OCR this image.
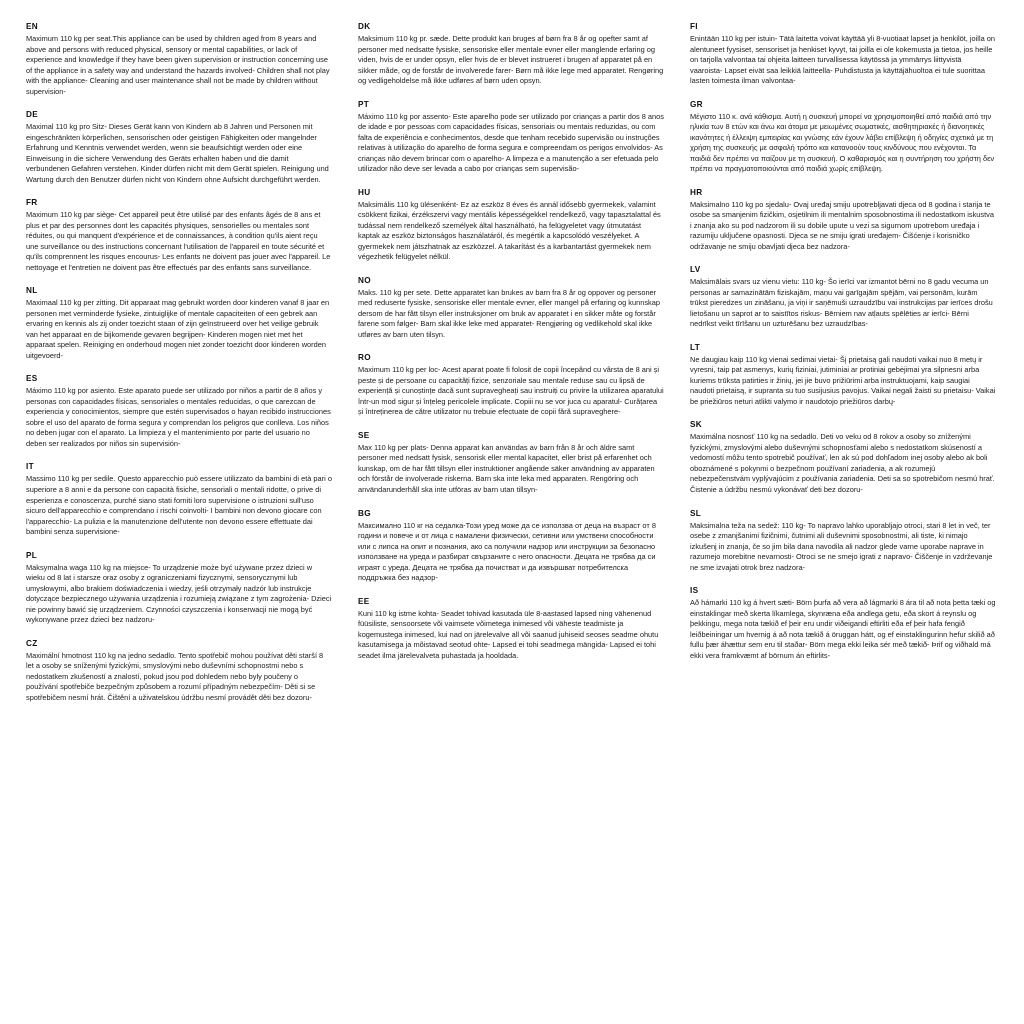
EN
Maximum 110 kg per seat.This appliance can be used by children aged from 8 years and above and persons with reduced physical, sensory or mental capabilities, or lack of experience and knowledge if they have been given supervision or instruction concerning use of the appliance in a safety way and understand the hazards involved- Children shall not play with the appliance- Cleaning and user maintenance shall not be made by children without supervision-
DE
Maximal 110 kg pro Sitz- Dieses Gerät kann von Kindern ab 8 Jahren und Personen mit eingeschränkten körperlichen, sensorischen oder geistigen Fähigkeiten oder mangelnder Erfahrung und Kenntnis verwendet werden, wenn sie beaufsichtigt werden oder eine Einweisung in die sichere Verwendung des Geräts erhalten haben und die damit verbundenen Gefahren verstehen. Kinder dürfen nicht mit dem Gerät spielen. Reinigung und Wartung durch den Benutzer dürfen nicht von Kindern ohne Aufsicht durchgeführt werden.
FR
Maximum 110 kg par siège- Cet appareil peut être utilisé par des enfants âgés de 8 ans et plus et par des personnes dont les capacités physiques, sensorielles ou mentales sont réduites, ou qui manquent d'expérience et de connaissances, à condition qu'ils aient reçu une surveillance ou des instructions concernant l'utilisation de l'appareil en toute sécurité et qu'ils comprennent les risques encourus- Les enfants ne doivent pas jouer avec l'appareil. Le nettoyage et l'entretien ne doivent pas être effectués par des enfants sans surveillance.
NL
Maximaal 110 kg per zitting. Dit apparaat mag gebruikt worden door kinderen vanaf 8 jaar en personen met verminderde fysieke, zintuiglijke of mentale capaciteiten of een gebrek aan ervaring en kennis als zij onder toezicht staan of zijn geïnstrueerd over het veilige gebruik van het apparaat en de bijkomende gevaren begrijpen- Kinderen mogen niet met het apparaat spelen. Reiniging en onderhoud mogen niet zonder toezicht door kinderen worden uitgevoerd-
ES
Máximo 110 kg por asiento. Este aparato puede ser utilizado por niños a partir de 8 años y personas con capacidades físicas, sensoriales o mentales reducidas, o que carezcan de experiencia y conocimientos, siempre que estén supervisados o hayan recibido instrucciones sobre el uso del aparato de forma segura y comprendan los peligros que conlleva. Los niños no deben jugar con el aparato. La limpieza y el mantenimiento por parte del usuario no deben ser realizados por niños sin supervisión-
IT
Massimo 110 kg per sedile. Questo apparecchio può essere utilizzato da bambini di età pari o superiore a 8 anni e da persone con capacità fisiche, sensoriali o mentali ridotte, o prive di esperienza e conoscenza, purché siano stati forniti loro supervisione o istruzioni sull'uso sicuro dell'apparecchio e comprendano i rischi coinvolti- I bambini non devono giocare con l'apparecchio- La pulizia e la manutenzione dell'utente non devono essere effettuate dai bambini senza supervisione-
PL
Maksymalna waga 110 kg na miejsce- To urządzenie może być używane przez dzieci w wieku od 8 lat i starsze oraz osoby z ograniczeniami fizycznymi, sensorycznymi lub umysłowymi, albo brakiem doświadczenia i wiedzy, jeśli otrzymały nadzór lub instrukcje dotyczące bezpiecznego używania urządzenia i rozumieją związane z tym zagrożenia- Dzieci nie powinny bawić się urządzeniem. Czynności czyszczenia i konserwacji nie mogą być wykonywane przez dzieci bez nadzoru-
CZ
Maximální hmotnost 110 kg na jedno sedadlo. Tento spotřebič mohou používat děti starší 8 let a osoby se sníženými fyzickými, smyslovými nebo duševními schopnostmi nebo s nedostatkem zkušeností a znalostí, pokud jsou pod dohledem nebo byly poučeny o používání spotřebiče bezpečným způsobem a rozumí případným nebezpečím- Děti si se spotřebičem nesmí hrát. Čištění a uživatelskou údržbu nesmí provádět děti bez dozoru-
DK
Maksimum 110 kg pr. sæde. Dette produkt kan bruges af børn fra 8 år og opefter samt af personer med nedsatte fysiske, sensoriske eller mentale evner eller manglende erfaring og viden, hvis de er under opsyn, eller hvis de er blevet instrueret i brugen af apparatet på en sikker måde, og de forstår de involverede farer- Børn må ikke lege med apparatet. Rengøring og vedligeholdelse må ikke udføres af børn uden opsyn.
PT
Máximo 110 kg por assento- Este aparelho pode ser utilizado por crianças a partir dos 8 anos de idade e por pessoas com capacidades físicas, sensoriais ou mentais reduzidas, ou com falta de experiência e conhecimentos, desde que tenham recebido supervisão ou instruções relativas à utilização do aparelho de forma segura e compreendam os perigos envolvidos- As crianças não devem brincar com o aparelho- A limpeza e a manutenção a ser efetuada pelo utilizador não deve ser levada a cabo por crianças sem supervisão-
HU
Maksimális 110 kg ülésenként- Ez az eszköz 8 éves és annál idősebb gyermekek, valamint csökkent fizikai, érzékszervi vagy mentális képességekkel rendelkező, vagy tapasztalattal és tudással nem rendelkező személyek által használható, ha felügyeletet vagy útmutatást kaptak az eszköz biztonságos használatáról, és megértik a kapcsolódó veszélyeket. A gyermekek nem játszhatnak az eszközzel. A takarítást és a karbantartást gyermekek nem végezhetik felügyelet nélkül.
NO
Maks. 110 kg per sete. Dette apparatet kan brukes av barn fra 8 år og oppover og personer med reduserte fysiske, sensoriske eller mentale evner, eller mangel på erfaring og kunnskap dersom de har fått tilsyn eller instruksjoner om bruk av apparatet i en sikker måte og forstår farene som følger- Barn skal ikke leke med apparatet- Rengjøring og vedlikehold skal ikke utføres av barn uten tilsyn.
RO
Maximum 110 kg per loc- Acest aparat poate fi folosit de copii începând cu vârsta de 8 ani și peste și de persoane cu capacități fizice, senzoriale sau mentale reduse sau cu lipsă de experiență și cunoștințe dacă sunt supravegheați sau instruiți cu privire la utilizarea aparatului într-un mod sigur și înțeleg pericolele implicate. Copiii nu se vor juca cu aparatul- Curățarea și întreținerea de către utilizator nu trebuie efectuate de copii fără supraveghere-
SE
Max 110 kg per plats- Denna apparat kan användas av barn från 8 år och äldre samt personer med nedsatt fysisk, sensorisk eller mental kapacitet, eller brist på erfarenhet och kunskap, om de har fått tillsyn eller instruktioner angående säker användning av apparaten och förstår de involverade riskerna. Barn ska inte leka med apparaten. Rengöring och användarunderhåll ska inte utföras av barn utan tillsyn-
BG
Максимално 110 кг на седалка-Този уред може да се използва от деца на възраст от 8 години и повече и от лица с намалени физически, сетивни или умствени способности или с липса на опит и познания, ако са получили надзор или инструкции за безопасно използване на уреда и разбират свързаните с него опасности. Децата не трябва да си играят с уреда. Децата не трябва да почистват и да извършват потребителска поддръжка без надзор-
EE
Kuni 110 kg istme kohta- Seadet tohivad kasutada üle 8-aastased lapsed ning vähenenud füüsiliste, sensoorsete või vaimsete võimetega inimesed või väheste teadmiste ja kogemustega inimesed, kui nad on järelevalve all või saanud juhiseid seoses seadme ohutu kasutamisega ja mõistavad seotud ohte- Lapsed ei tohi seadmega mängida- Lapsed ei tohi seadet ilma järelevalveta puhastada ja hooldada.
FI
Enintään 110 kg per istuin- Tätä laitetta voivat käyttää yli 8-vuotiaat lapset ja henkilöt, joilla on alentuneet fyysiset, sensoriset ja henkiset kyvyt, tai joilla ei ole kokemusta ja tietoa, jos heille on tarjolla valvontaa tai ohjeita laitteen turvallisessa käytössä ja ymmärrys liittyvistä vaaroista- Lapset eivät saa leikkiä laitteella- Puhdistusta ja käyttäjähuoltoa ei tule suorittaa lasten toimesta ilman valvontaa-
GR
Μέγιστο 110 κ. ανά κάθισμα. Αυτή η συσκευή μπορεί να χρησιμοποιηθεί από παιδιά από την ηλικία των 8 ετών και άνω και άτομα με μειωμένες σωματικές, αισθητηριακές ή διανοητικές ικανότητες ή έλλειψη εμπειρίας και γνώσης εάν έχουν λάβει επίβλεψη ή οδηγίες σχετικά με τη χρήση της συσκευής με ασφαλή τρόπο και κατανοούν τους κινδύνους που ενέχονται. Τα παιδιά δεν πρέπει να παίζουν με τη συσκευή. Ο καθαρισμός και η συντήρηση του χρήστη δεν πρέπει να πραγματοποιούνται από παιδιά χωρίς επίβλεψη.
HR
Maksimalno 110 kg po sjedalu- Ovaj uređaj smiju upotrebljavati djeca od 8 godina i starija te osobe sa smanjenim fizičkim, osjetilnim ili mentalnim sposobnostima ili nedostatkom iskustva i znanja ako su pod nadzorom ili su dobile upute u vezi sa sigurnom upotrebom uređaja i razumiju uključene opasnosti. Djeca se ne smiju igrati uređajem- Čišćenje i korisničko održavanje ne smiju obavljati djeca bez nadzora-
LV
Maksimālais svars uz vienu vietu: 110 kg- Šo ierīci var izmantot bērni no 8 gadu vecuma un personas ar samazinātām fiziskajām, maņu vai garīgajām spējām, vai personām, kurām trūkst pieredzes un zināšanu, ja viņi ir saņēmuši uzraudzību vai instrukcijas par ierīces drošu lietošanu un saprot ar to saistītos riskus- Bērniem nav atļauts spēlēties ar ierīci- Bērni nedrīkst veikt tīrīšanu un uzturēšanu bez uzraudzības-
LT
Ne daugiau kaip 110 kg vienai sedimai vietai- Šį prietaisą gali naudoti vaikai nuo 8 metų ir vyresni, taip pat asmenys, kurių fiziniai, jutiminiai ar protiniai gebėjimai yra silpnesni arba kuriems trūksta patirties ir žinių, jei jie buvo prižiūrimi arba instruktuojami, kaip saugiai naudoti prietaisą, ir supranta su tuo susijusius pavojus. Vaikai negali žaisti su prietaisu- Vaikai be priežiūros neturi atlikti valymo ir naudotojo priežiūros darbų-
SK
Maximálna nosnosť 110 kg na sedadlo. Deti vo veku od 8 rokov a osoby so zníženými fyzickými, zmyslovými alebo duševnými schopnosťami alebo s nedostatkom skúseností a vedomostí môžu tento spotrebič používať, len ak sú pod dohľadom inej osoby alebo ak boli oboznámené s pokynmi o bezpečnom používaní zariadenia, a ak rozumejú nebezpečenstvám vyplývajúcim z používania zariadenia. Deti sa so spotrebičom nesmú hrať. Čistenie a údržbu nesmú vykonávať deti bez dozoru-
SL
Maksimalna teža na sedež: 110 kg- To napravo lahko uporabljajo otroci, stari 8 let in več, ter osebe z zmanjšanimi fizičnimi, čutnimi ali duševnimi sposobnostmi, ali tiste, ki nimajo izkušenj in znanja, če so jim bila dana navodila ali nadzor glede varne uporabe naprave in razumejo morebitne nevarnosti- Otroci se ne smejo igrati z napravo- Čiščenje in vzdrževanje ne sme izvajati otrok brez nadzora-
IS
Að hámarki 110 kg á hvert sæti- Börn þurfa að vera að lágmarki 8 ára til að nota þetta tæki og einstaklingar með skerta líkamlega, skynræna eða andlega getu, eða skort á reynslu og þekkingu, mega nota tækið ef þeir eru undir viðeigandi eftirliti eða ef þeir hafa fengið leiðbeiningar um hvernig á að nota tækið á öruggan hátt, og ef einstaklingurinn hefur skilið að fullu þær áhættur sem eru til staðar- Börn mega ekki leika sér með tækið- Þrif og viðhald má ekki vera framkvæmt af börnum án eftirlits-
